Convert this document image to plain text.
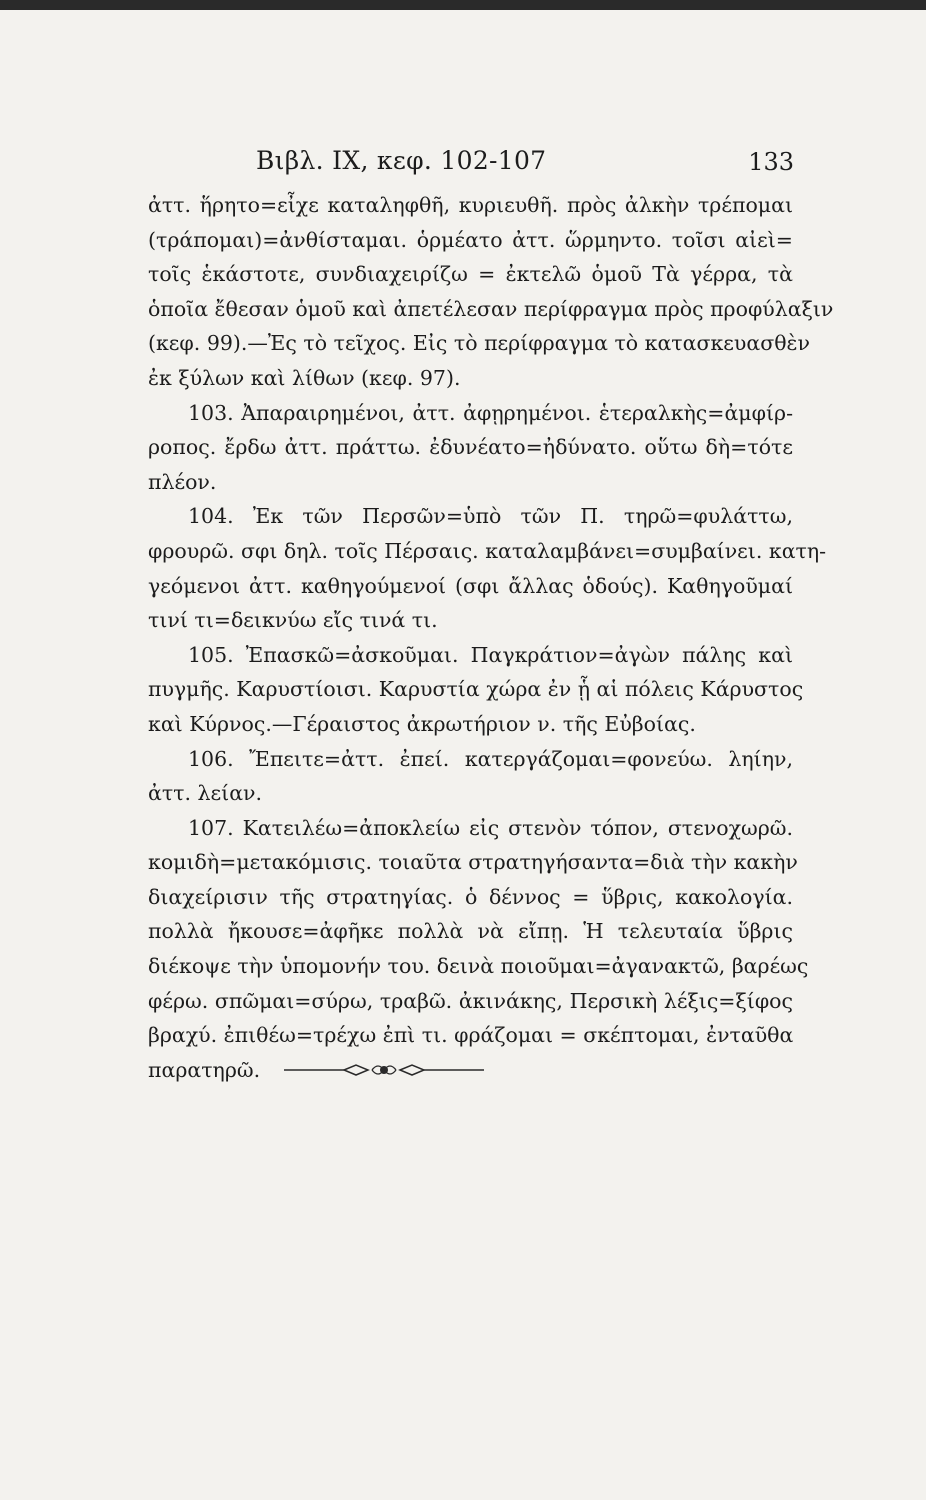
Βιβλ. IX, κεφ. 102-107	133
ἀττ. ἥρητο=εἶχε καταληφθῆ, κυριευθῆ. πρὸς ἀλκὴν τρέπομαι
(τράπομαι)=ἀνθίσταμαι. ὁρμέατο ἀττ. ὥρμηντο. τοῖσι αἰεὶ=
τοῖς ἑκάστοτε, συνδιαχειρίζω = ἐκτελῶ ὁμοῦ Τὰ γέρρα, τὰ
ὁποῖα ἔθεσαν ὁμοῦ καὶ ἀπετέλεσαν περίφραγμα πρὸς προφύλαξιν
(κεφ. 99).—Ἐς τὸ τεῖχος. Εἰς τὸ περίφραγμα τὸ κατασκευασθὲν
ἐκ ξύλων καὶ λίθων (κεφ. 97).
103. Ἀπαραιρημένοι, ἀττ. ἀφῃρημένοι. ἑτεραλκὴς=ἀμφίρ-
ροπος. ἔρδω ἀττ. πράττω. ἐδυνέατο=ἠδύνατο. οὕτω δὴ=τότε
πλέον.
104. Ἐκ τῶν Περσῶν=ὑπὸ τῶν Π. τηρῶ=φυλάττω,
φρουρῶ. σφι δηλ. τοῖς Πέρσαις. καταλαμβάνει=συμβαίνει. κατη-
γεόμενοι ἀττ. καθηγούμενοί (σφι ἄλλας ὁδούς). Καθηγοῦμαί
τινί τι=δεικνύω εἴς τινά τι.
105. Ἐπασκῶ=ἀσκοῦμαι. Παγκράτιον=ἀγὼν πάλης καὶ
πυγμῆς. Καρυστίοισι. Καρυστία χώρα ἐν ᾗ αἱ πόλεις Κάρυστος
καὶ Κύρνος.—Γέραιστος ἀκρωτήριον ν. τῆς Εὐβοίας.
106. Ἔπειτε=ἀττ. ἐπεί. κατεργάζομαι=φονεύω. ληίην,
ἀττ. λείαν.
107. Κατειλέω=ἀποκλείω εἰς στενὸν τόπον, στενοχωρῶ.
κομιδὴ=μετακόμισις. τοιαῦτα στρατηγήσαντα=διὰ τὴν κακὴν
διαχείρισιν τῆς στρατηγίας. ὁ δέννος = ὕβρις, κακολογία.
πολλὰ ἤκουσε=ἀφῆκε πολλὰ νὰ εἴπῃ. Ἡ τελευταία ὕβρις
διέκοψε τὴν ὑπομονήν του. δεινὰ ποιοῦμαι=ἀγανακτῶ, βαρέως
φέρω. σπῶμαι=σύρω, τραβῶ. ἀκινάκης, Περσικὴ λέξις=ξίφος
βραχύ. ἐπιθέω=τρέχω ἐπὶ τι. φράζομαι = σκέπτομαι, ἐνταῦθα
παρατηρῶ.
